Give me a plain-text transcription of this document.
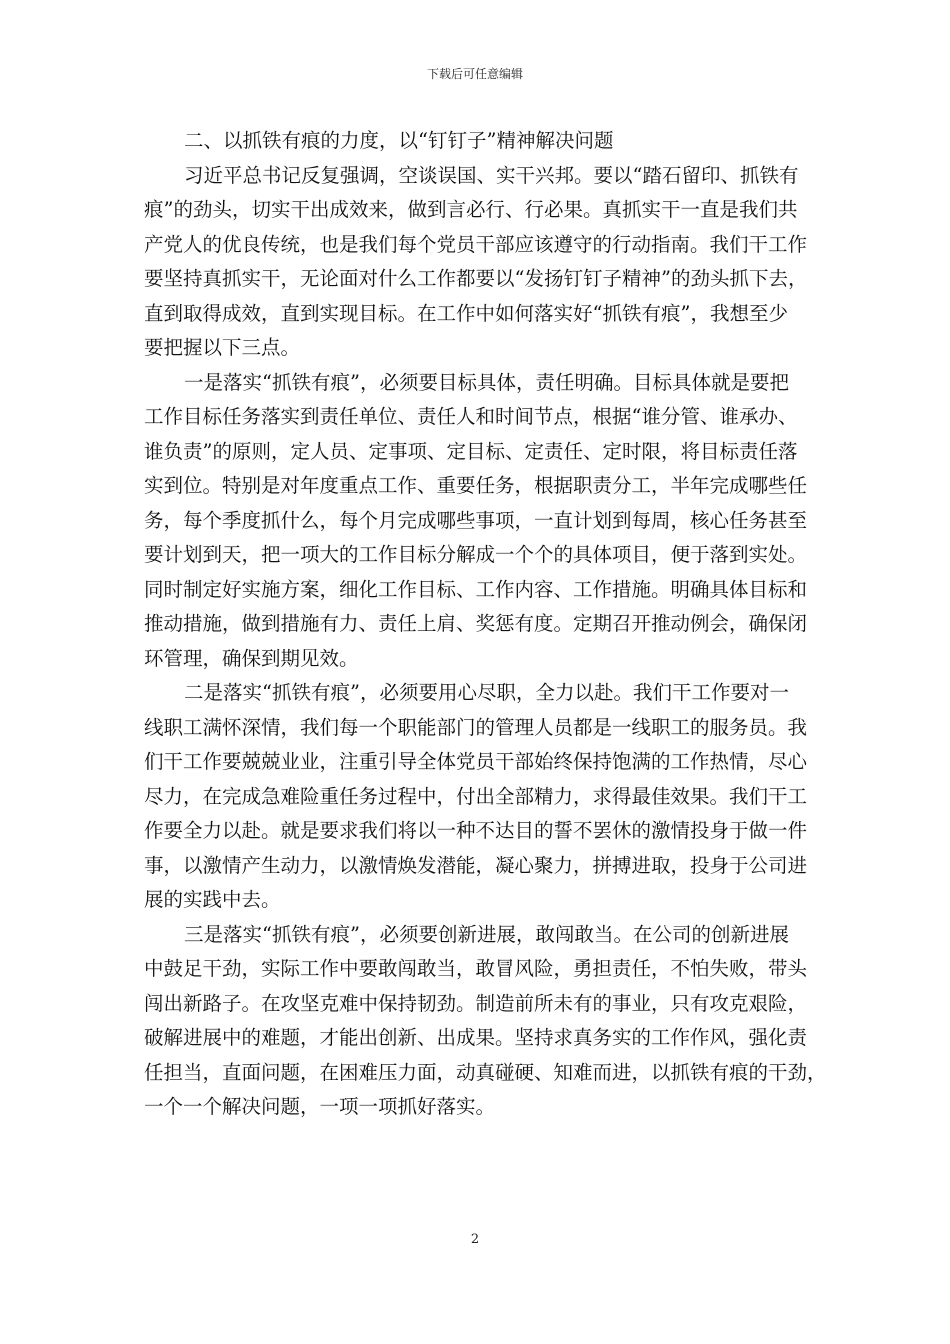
下载后可任意编辑
二、以抓铁有痕的力度，以“钉钉子”精神解决问题
习近平总书记反复强调，空谈误国、实干兴邦。要以“踏石留印、抓铁有
痕”的劲头，切实干出成效来，做到言必行、行必果。真抓实干一直是我们共
产党人的优良传统，也是我们每个党员干部应该遵守的行动指南。我们干工作
要坚持真抓实干，无论面对什么工作都要以“发扬钉钉子精神”的劲头抓下去，
直到取得成效，直到实现目标。在工作中如何落实好“抓铁有痕”，我想至少
要把握以下三点。
一是落实“抓铁有痕”，必须要目标具体，责任明确。目标具体就是要把
工作目标任务落实到责任单位、责任人和时间节点，根据“谁分管、谁承办、
谁负责”的原则，定人员、定事项、定目标、定责任、定时限，将目标责任落
实到位。特别是对年度重点工作、重要任务，根据职责分工，半年完成哪些任
务，每个季度抓什么，每个月完成哪些事项，一直计划到每周，核心任务甚至
要计划到天，把一项大的工作目标分解成一个个的具体项目，便于落到实处。
同时制定好实施方案，细化工作目标、工作内容、工作措施。明确具体目标和
推动措施，做到措施有力、责任上肩、奖惩有度。定期召开推动例会，确保闭
环管理，确保到期见效。
二是落实“抓铁有痕”，必须要用心尽职，全力以赴。我们干工作要对一
线职工满怀深情，我们每一个职能部门的管理人员都是一线职工的服务员。我
们干工作要兢兢业业，注重引导全体党员干部始终保持饱满的工作热情，尽心
尽力，在完成急难险重任务过程中，付出全部精力，求得最佳效果。我们干工
作要全力以赴。就是要求我们将以一种不达目的誓不罢休的激情投身于做一件
事，以激情产生动力，以激情焕发潜能，凝心聚力，拼搏进取，投身于公司进
展的实践中去。
三是落实“抓铁有痕”，必须要创新进展，敢闯敢当。在公司的创新进展
中鼓足干劲，实际工作中要敢闯敢当，敢冒风险，勇担责任，不怕失败，带头
闯出新路子。在攻坚克难中保持韧劲。制造前所未有的事业，只有攻克艰险，
破解进展中的难题，才能出创新、出成果。坚持求真务实的工作作风，强化责
任担当，直面问题，在困难压力面，动真碰硬、知难而进，以抓铁有痕的干劲，
一个一个解决问题，一项一项抓好落实。
2
